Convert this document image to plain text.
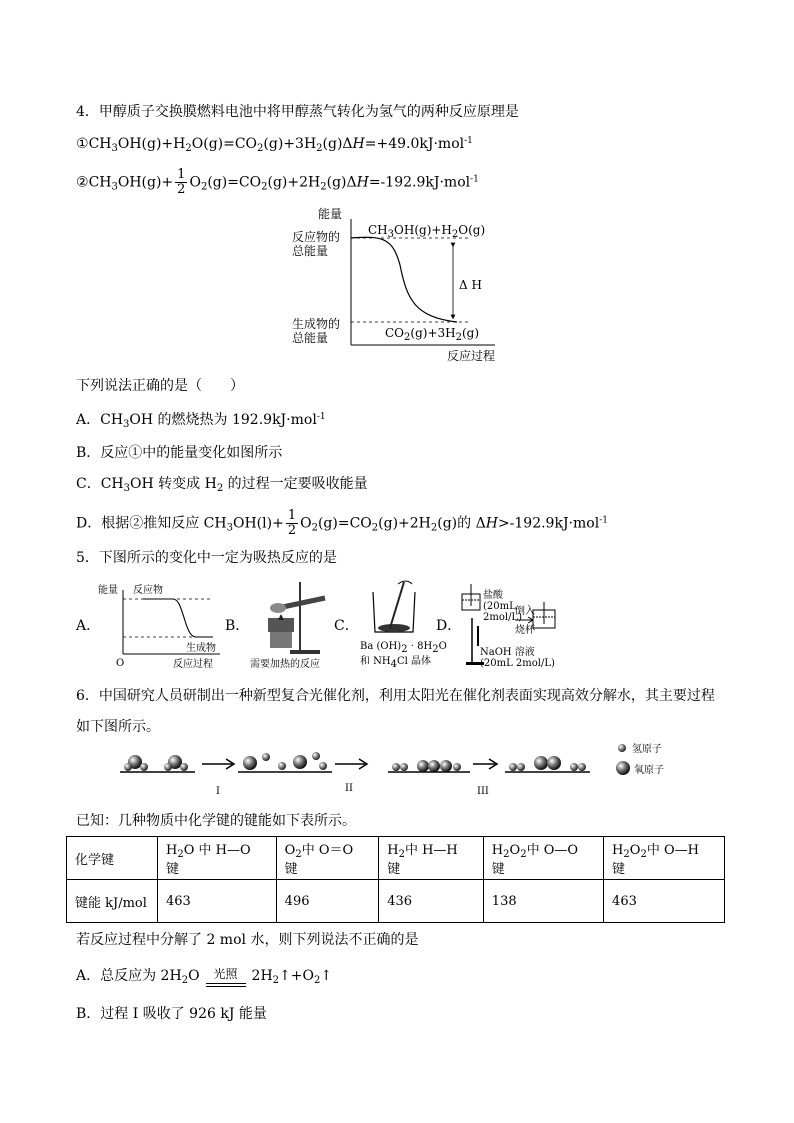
4．甲醇质子交换膜燃料电池中将甲醇蒸气转化为氢气的两种反应原理是
$①CH_3OH(g)+H_2O(g)=CO_2(g)+3H_2(g)\Delta H=+49.0kJ\cdot mol^{-1}$
$②CH_3OH(g)+ \frac{1}{2} O_2(g)=CO_2(g)+2H_2(g)\Delta H=-192.9kJ\cdot mol^{-1}$
能量
反应物的
总能量
生成物的
总能量
$CH_3OH(g)+H_2O(g)$
$CO_2(g)+3H_2(g)$
Δ H
反应过程
下列说法正确的是（　　）
A．$CH_3OH$ 的燃烧热为 192.9kJ·mol$^{-1}$
B．反应①中的能量变化如图所示
C．$CH_3OH$ 转变成 $H_2$ 的过程一定要吸收能量
D．根据②推知反应 $CH_3OH(l)+ \frac{1}{2} O_2(g)=CO_2(g)+2H_2(g)$的 ΔH>-192.9kJ·mol$^{-1}$
5．下图所示的变化中一定为吸热反应的是
A．
能量 反应物
生成物
O	反应过程
B．
需要加热的反应
C．
Ba $(OH)_2 \cdot 8H_2O$
和 $NH_4Cl$ 晶体
D．
盐酸
(20mL
2mol/L)
倒入
烧杯
NaOH 溶液
(20mL 2mol/L)
6．中国研究人员研制出一种新型复合光催化剂，利用太阳光在催化剂表面实现高效分解水，其主要过程
如下图所示。
I	II	III
氢原子
氧原子
已知：几种物质中化学键的键能如下表所示。
化学键	$H_2O$ 中 H—O 键	$O_2$中 O＝O 键	$H_2$中 H—H 键	$H_2O_2$中 O—O 键	$H_2O_2$中 O—H 键
键能 kJ/mol	463	496	436	138	463
若反应过程中分解了 2 mol 水，则下列说法不正确的是
A．总反应为 $2H_2O$	光照	$2H_2↑+O_2↑$
B．过程 I 吸收了 926 kJ 能量
